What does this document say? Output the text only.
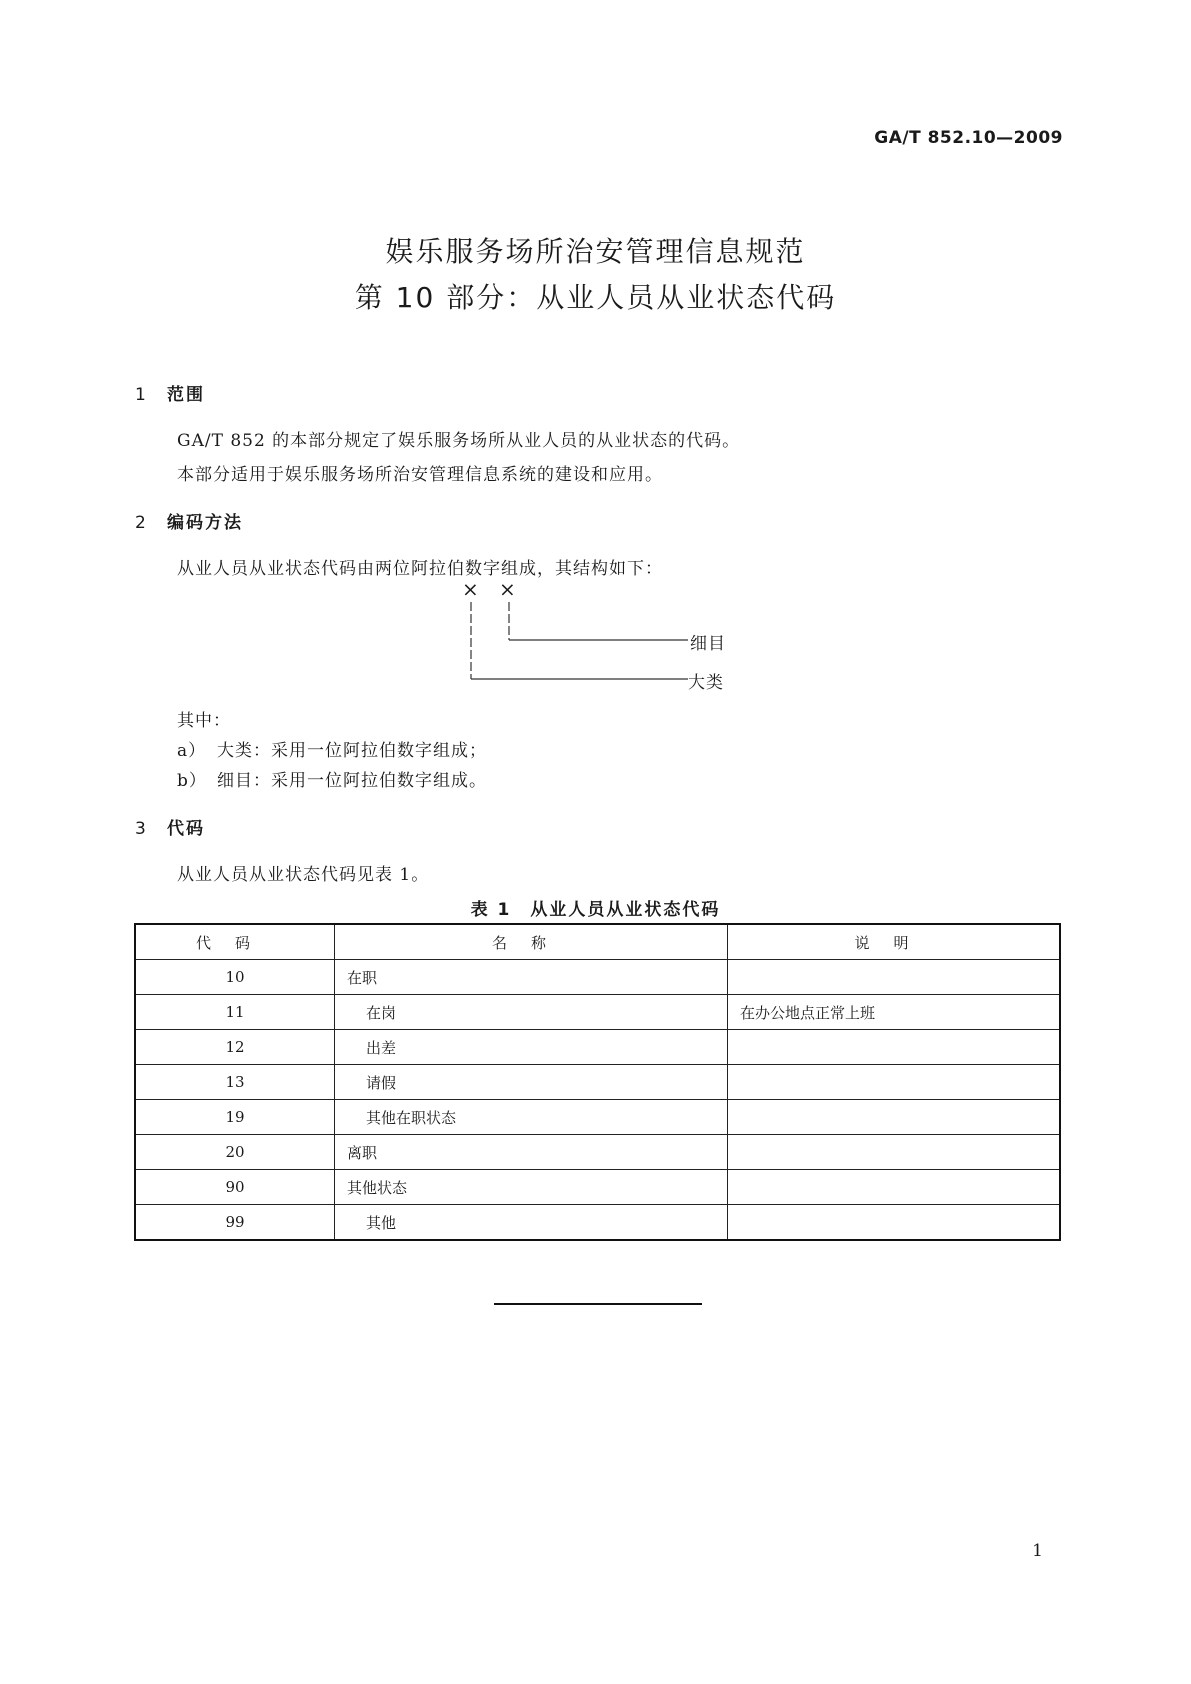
GA/T 852.10—2009
娱乐服务场所治安管理信息规范
第 10 部分：从业人员从业状态代码
1 范围
GA/T 852 的本部分规定了娱乐服务场所从业人员的从业状态的代码。
本部分适用于娱乐服务场所治安管理信息系统的建设和应用。
2 编码方法
从业人员从业状态代码由两位阿拉伯数字组成，其结构如下：
× ×
细目
大类
其中：
a） 大类：采用一位阿拉伯数字组成；
b） 细目：采用一位阿拉伯数字组成。
3 代码
从业人员从业状态代码见表 1。
表 1　从业人员从业状态代码
代码	名称	说明
10	在职	
11	在岗	在办公地点正常上班
12	出差	
13	请假	
19	其他在职状态	
20	离职	
90	其他状态	
99	其他	
1
